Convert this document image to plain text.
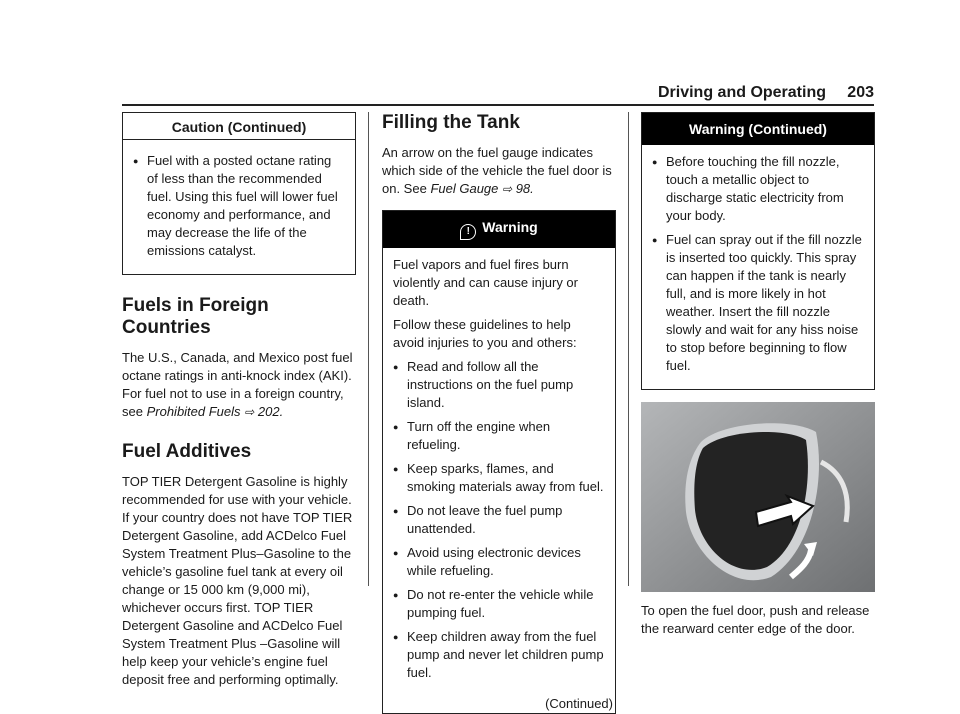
Driving and Operating 203
Caution (Continued)
● Fuel with a posted octane rating of less than the recommended fuel. Using this fuel will lower fuel economy and performance, and may decrease the life of the emissions catalyst.
Fuels in Foreign Countries

The U.S., Canada, and Mexico post fuel octane ratings in anti-knock index (AKI). For fuel not to use in a foreign country, see Prohibited Fuels ⇨ 202.

Fuel Additives

TOP TIER Detergent Gasoline is highly recommended for use with your vehicle. If your country does not have TOP TIER Detergent Gasoline, add ACDelco Fuel System Treatment Plus–Gasoline to the vehicle’s gasoline fuel tank at every oil change or 15 000 km (9,000 mi), whichever occurs first. TOP TIER Detergent Gasoline and ACDelco Fuel System Treatment Plus –Gasoline will help keep your vehicle’s engine fuel deposit free and performing optimally.

Filling the Tank

An arrow on the fuel gauge indicates which side of the vehicle the fuel door is on. See Fuel Gauge ⇨ 98.

! Warning

Fuel vapors and fuel fires burn violently and can cause injury or death.

Follow these guidelines to help avoid injuries to you and others:

● Read and follow all the instructions on the fuel pump island.
● Turn off the engine when refueling.
● Keep sparks, flames, and smoking materials away from fuel.
● Do not leave the fuel pump unattended.
● Avoid using electronic devices while refueling.
● Do not re-enter the vehicle while pumping fuel.
● Keep children away from the fuel pump and never let children pump fuel.
(Continued)
Warning (Continued)
● Before touching the fill nozzle, touch a metallic object to discharge static electricity from your body.
● Fuel can spray out if the fill nozzle is inserted too quickly. This spray can happen if the tank is nearly full, and is more likely in hot weather. Insert the fill nozzle slowly and wait for any hiss noise to stop before beginning to flow fuel.
To open the fuel door, push and release the rearward center edge of the door.
